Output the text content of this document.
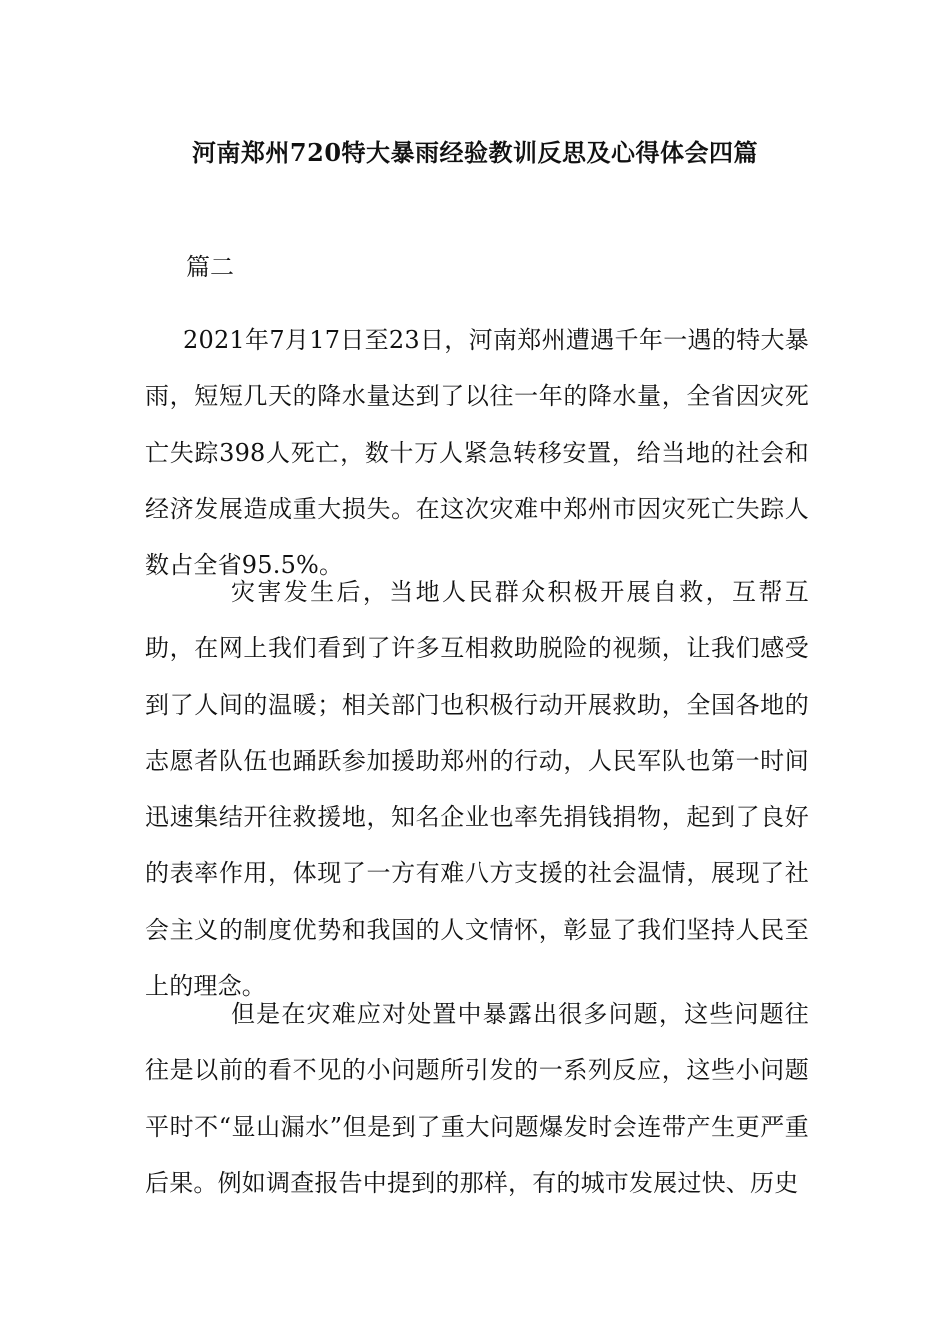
河南郑州720特大暴雨经验教训反思及心得体会四篇
篇二

2021年7月17日至23日，河南郑州遭遇千年一遇的特大暴雨，短短几天的降水量达到了以往一年的降水量，全省因灾死亡失踪398人死亡，数十万人紧急转移安置，给当地的社会和经济发展造成重大损失。在这次灾难中郑州市因灾死亡失踪人数占全省95.5%。

灾害发生后，当地人民群众积极开展自救，互帮互助，在网上我们看到了许多互相救助脱险的视频，让我们感受到了人间的温暖；相关部门也积极行动开展救助，全国各地的志愿者队伍也踊跃参加援助郑州的行动，人民军队也第一时间迅速集结开往救援地，知名企业也率先捐钱捐物，起到了良好的表率作用，体现了一方有难八方支援的社会温情，展现了社会主义的制度优势和我国的人文情怀，彰显了我们坚持人民至上的理念。

但是在灾难应对处置中暴露出很多问题，这些问题往往是以前的看不见的小问题所引发的一系列反应，这些小问题平时不“显山漏水”但是到了重大问题爆发时会连带产生更严重后果。例如调查报告中提到的那样，有的城市发展过快、历史
